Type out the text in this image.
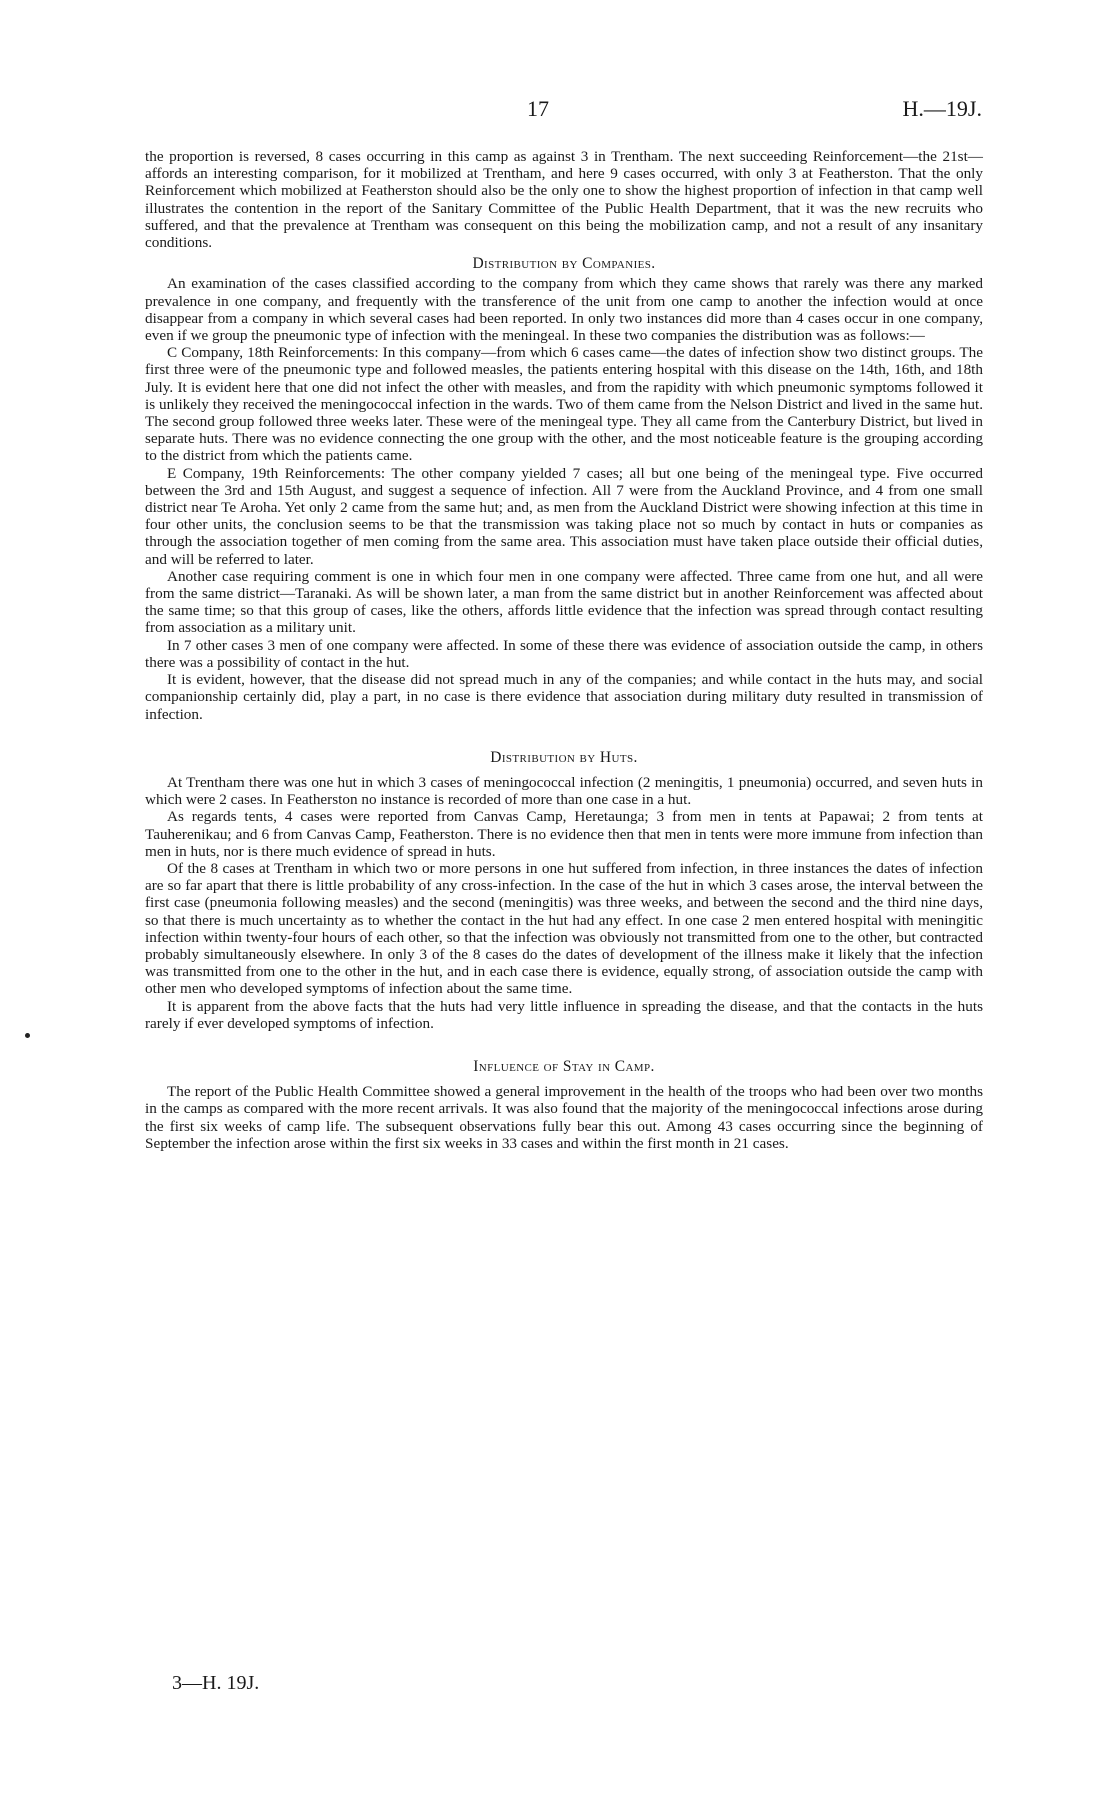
17	H.—19J.

the proportion is reversed, 8 cases occurring in this camp as against 3 in Trentham. The next succeeding Reinforcement—the 21st—affords an interesting comparison, for it mobilized at Trentham, and here 9 cases occurred, with only 3 at Featherston. That the only Reinforcement which mobilized at Featherston should also be the only one to show the highest proportion of infection in that camp well illustrates the contention in the report of the Sanitary Committee of the Public Health Department, that it was the new recruits who suffered, and that the prevalence at Trentham was consequent on this being the mobilization camp, and not a result of any insanitary conditions.

Distribution by Companies.

An examination of the cases classified according to the company from which they came shows that rarely was there any marked prevalence in one company, and frequently with the transference of the unit from one camp to another the infection would at once disappear from a company in which several cases had been reported. In only two instances did more than 4 cases occur in one company, even if we group the pneumonic type of infection with the meningeal. In these two companies the distribution was as follows:—

C Company, 18th Reinforcements: In this company—from which 6 cases came—the dates of infection show two distinct groups. The first three were of the pneumonic type and followed measles, the patients entering hospital with this disease on the 14th, 16th, and 18th July. It is evident here that one did not infect the other with measles, and from the rapidity with which pneumonic symptoms followed it is unlikely they received the meningococcal infection in the wards. Two of them came from the Nelson District and lived in the same hut. The second group followed three weeks later. These were of the meningeal type. They all came from the Canterbury District, but lived in separate huts. There was no evidence connecting the one group with the other, and the most noticeable feature is the grouping according to the district from which the patients came.

E Company, 19th Reinforcements: The other company yielded 7 cases; all but one being of the meningeal type. Five occurred between the 3rd and 15th August, and suggest a sequence of infection. All 7 were from the Auckland Province, and 4 from one small district near Te Aroha. Yet only 2 came from the same hut; and, as men from the Auckland District were showing infection at this time in four other units, the conclusion seems to be that the transmission was taking place not so much by contact in huts or companies as through the association together of men coming from the same area. This association must have taken place outside their official duties, and will be referred to later.

Another case requiring comment is one in which four men in one company were affected. Three came from one hut, and all were from the same district—Taranaki. As will be shown later, a man from the same district but in another Reinforcement was affected about the same time; so that this group of cases, like the others, affords little evidence that the infection was spread through contact resulting from association as a military unit.

In 7 other cases 3 men of one company were affected. In some of these there was evidence of association outside the camp, in others there was a possibility of contact in the hut.

It is evident, however, that the disease did not spread much in any of the companies; and while contact in the huts may, and social companionship certainly did, play a part, in no case is there evidence that association during military duty resulted in transmission of infection.

Distribution by Huts.

At Trentham there was one hut in which 3 cases of meningococcal infection (2 meningitis, 1 pneumonia) occurred, and seven huts in which were 2 cases. In Featherston no instance is recorded of more than one case in a hut.

As regards tents, 4 cases were reported from Canvas Camp, Heretaunga; 3 from men in tents at Papawai; 2 from tents at Tauherenikau; and 6 from Canvas Camp, Featherston. There is no evidence then that men in tents were more immune from infection than men in huts, nor is there much evidence of spread in huts.

Of the 8 cases at Trentham in which two or more persons in one hut suffered from infection, in three instances the dates of infection are so far apart that there is little probability of any cross-infection. In the case of the hut in which 3 cases arose, the interval between the first case (pneumonia following measles) and the second (meningitis) was three weeks, and between the second and the third nine days, so that there is much uncertainty as to whether the contact in the hut had any effect. In one case 2 men entered hospital with meningitic infection within twenty-four hours of each other, so that the infection was obviously not transmitted from one to the other, but contracted probably simultaneously elsewhere. In only 3 of the 8 cases do the dates of development of the illness make it likely that the infection was transmitted from one to the other in the hut, and in each case there is evidence, equally strong, of association outside the camp with other men who developed symptoms of infection about the same time.

It is apparent from the above facts that the huts had very little influence in spreading the disease, and that the contacts in the huts rarely if ever developed symptoms of infection.

Influence of Stay in Camp.

The report of the Public Health Committee showed a general improvement in the health of the troops who had been over two months in the camps as compared with the more recent arrivals. It was also found that the majority of the meningococcal infections arose during the first six weeks of camp life. The subsequent observations fully bear this out. Among 43 cases occurring since the beginning of September the infection arose within the first six weeks in 33 cases and within the first month in 21 cases.

3—H. 19J.
